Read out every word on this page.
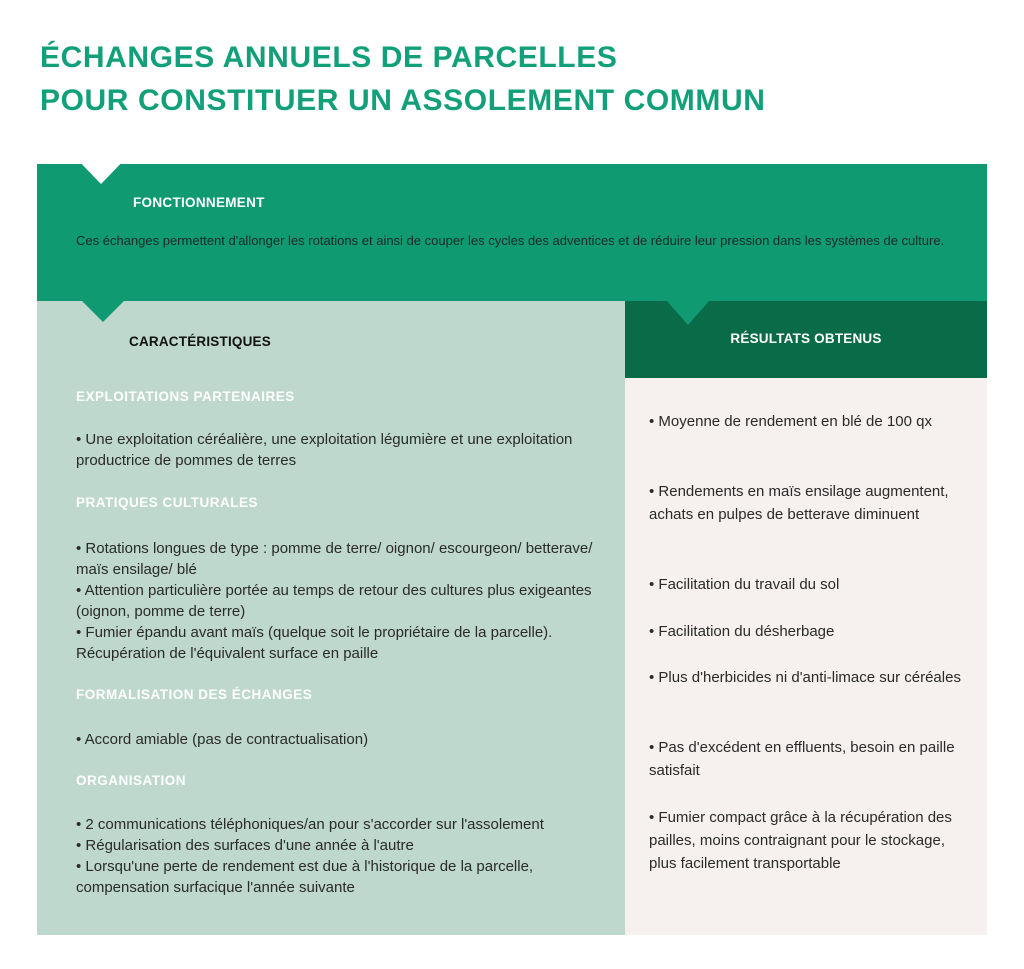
ÉCHANGES ANNUELS DE PARCELLES
POUR CONSTITUER UN ASSOLEMENT COMMUN
FONCTIONNEMENT
Ces échanges permettent d'allonger les rotations et ainsi de couper les cycles des adventices et de réduire leur pression dans les systèmes de culture.
CARACTÉRISTIQUES
EXPLOITATIONS PARTENAIRES

• Une exploitation céréalière, une exploitation légumière et une exploitation productrice de pommes de terres

PRATIQUES CULTURALES

• Rotations longues de type : pomme de terre/ oignon/ escourgeon/ betterave/ maïs ensilage/ blé

• Attention particulière portée au temps de retour des cultures plus exigeantes (oignon, pomme de terre)

• Fumier épandu avant maïs (quelque soit le propriétaire de la parcelle). Récupération de l'équivalent surface en paille

FORMALISATION DES ÉCHANGES

• Accord amiable (pas de contractualisation)

ORGANISATION

• 2 communications téléphoniques/an pour s'accorder sur l'assolement

• Régularisation des surfaces d'une année à l'autre

• Lorsqu'une perte de rendement est due à l'historique de la parcelle, compensation surfacique l'année suivante

RÉSULTATS OBTENUS

• Moyenne de rendement en blé de 100 qx

• Rendements en maïs ensilage augmentent, achats en pulpes de betterave diminuent

• Facilitation du travail du sol

• Facilitation du désherbage

• Plus d'herbicides ni d'anti-limace sur céréales

• Pas d'excédent en effluents, besoin en paille satisfait

• Fumier compact grâce à la récupération des pailles, moins contraignant pour le stockage, plus facilement transportable
